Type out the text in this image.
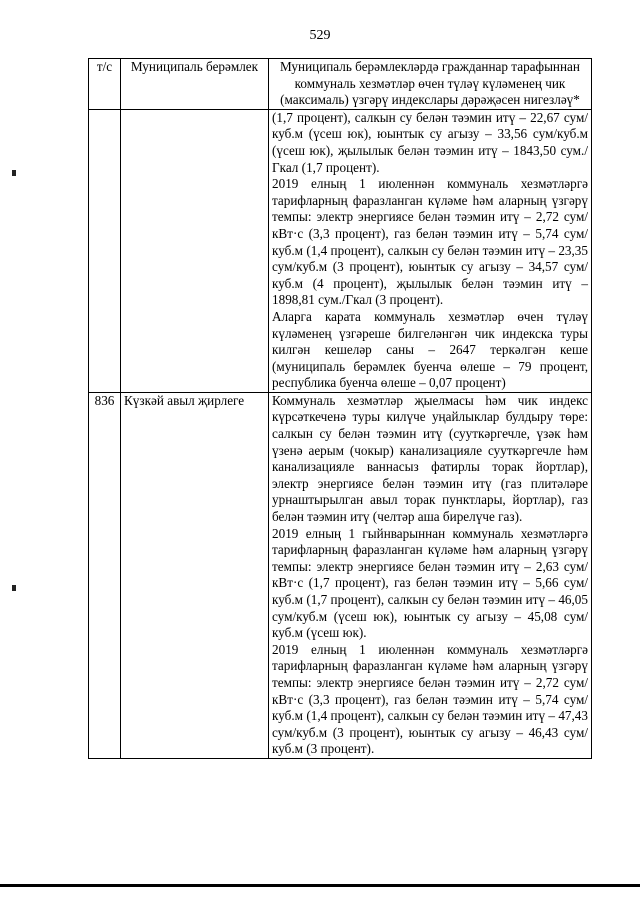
529
т/с	Муниципаль берәмлек	Муниципаль берәмлекләрдә гражданнар тарафыннан коммуналь хезмәтләр өчен түләү күләменең чик (максималь) үзгәрү индекслары дәрәҗәсен нигезләү*

		(1,7 процент), салкын су белән тәэмин итү – 22,67 сум/куб.м (үсеш юк), юынтык су агызу – 33,56 сум/куб.м (үсеш юк), җылылык белән тәэмин итү – 1843,50 сум./Гкал (1,7 процент).

2019 елның 1 июленнән коммуналь хезмәтләргә тарифларның фаразланган күләме һәм аларның үзгәрү темпы: электр энергиясе белән тәэмин итү – 2,72 сум/кВт·с (3,3 процент), газ белән тәэмин итү – 5,74 сум/куб.м (1,4 процент), салкын су белән тәэмин итү – 23,35 сум/куб.м (3 процент), юынтык су агызу – 34,57 сум/куб.м (4 процент), җылылык белән тәэмин итү – 1898,81 сум./Гкал (3 процент).

Аларга карата коммуналь хезмәтләр өчен түләү күләменең үзгәреше билгеләнгән чик индекска туры килгән кешеләр саны – 2647 теркәлгән кеше (муниципаль берәмлек буенча өлеше – 79 процент, республика буенча өлеше – 0,07 процент)

836	Күзкәй авыл җирлеге	Коммуналь хезмәтләр җыелмасы һәм чик индекс күрсәткеченә туры килүче уңайлыклар булдыру төре: салкын су белән тәэмин итү (сууткәргечле, үзәк һәм үзенә аерым (чокыр) канализацияле сууткәргечле һәм канализацияле ваннасыз фатирлы торак йортлар), электр энергиясе белән тәэмин итү (газ плитәләре урнаштырылган авыл торак пунктлары, йортлар), газ белән тәэмин итү (челтәр аша бирелүче газ).

2019 елның 1 гыйнварыннан коммуналь хезмәтләргә тарифларның фаразланган күләме һәм аларның үзгәрү темпы: электр энергиясе белән тәэмин итү – 2,63 сум/кВт·с (1,7 процент), газ белән тәэмин итү – 5,66 сум/куб.м (1,7 процент), салкын су белән тәэмин итү – 46,05 сум/куб.м (үсеш юк), юынтык су агызу – 45,08 сум/куб.м (үсеш юк).

2019 елның 1 июленнән коммуналь хезмәтләргә тарифларның фаразланган күләме һәм аларның үзгәрү темпы: электр энергиясе белән тәэмин итү – 2,72 сум/кВт·с (3,3 процент), газ белән тәэмин итү – 5,74 сум/куб.м (1,4 процент), салкын су белән тәэмин итү – 47,43 сум/куб.м (3 процент), юынтык су агызу – 46,43 сум/куб.м (3 процент).
